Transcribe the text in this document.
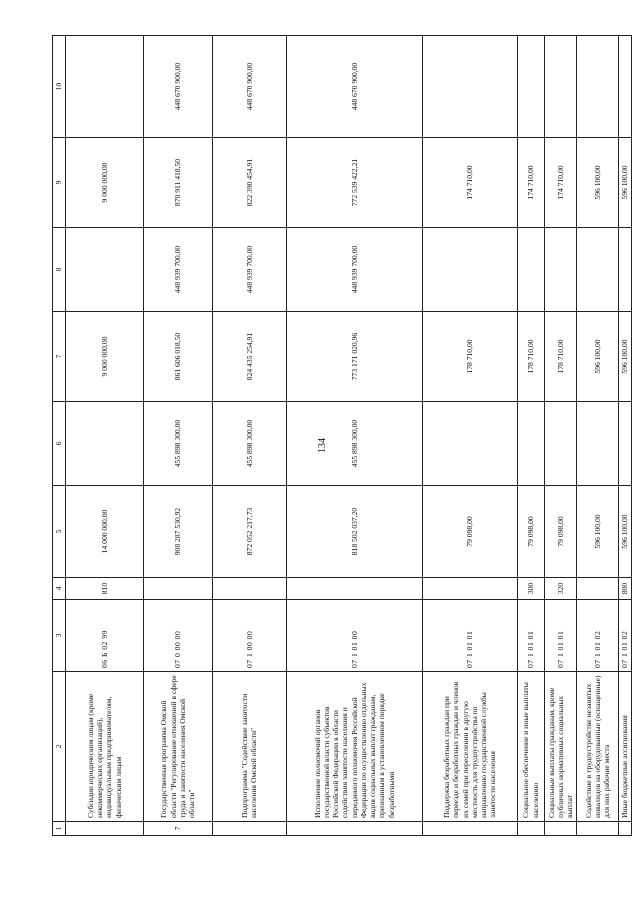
134
1	2	3	4	5	6	7	8	9	10
	Субсидии юридическим лицам (кроме некоммерческих организаций), индивидуальным предпринимателям, физическим лицам	06 Б 02 99	810	14 000 000,00		9 000 000,00		9 000 000,00	
7	Государственная программа Омской области "Регулирование отношений в сфере труда и занятости населения Омской области"	07 0 00 00		908 287 530,92	455 898 300,00	861 606 018,50	448 939 700,00	870 911 418,50	448 670 900,00
	Подпрограмма "Содействие занятости населения Омской области"	07 1 00 00		872 052 217,73	455 898 300,00	824 435 254,91	448 939 700,00	822 390 454,91	448 670 900,00
	Исполнение полномочий органов государственной власти субъектов Российской Федерации в области содействия занятости населения и переданного полномочия Российской Федерации по осуществлению отдельных видов социальных выплат гражданам, признанным в установленном порядке безработными	07 1 01 00		818 502 037,20	455 898 300,00	773 171 020,96	448 939 700,00	772 539 422,21	448 670 900,00
	Поддержка безработных граждан при переезде и безработных граждан и членов их семей при переселении в другую местность для трудоустройства по направлению государственной службы занятости населения	07 1 01 01		79 098,00		178 710,00		174 710,00	
	Социальное обеспечение и иные выплаты населению	07 1 01 01	300	79 098,00		178 710,00		174 710,00	
	Социальные выплаты гражданам, кроме публичных нормативных социальных выплат	07 1 01 01	320	79 098,00		178 710,00		174 710,00	
	Содействие в трудоустройстве незанятых инвалидов на оборудованные (оснащенные) для них рабочие места	07 1 01 02		596 100,00		596 100,00		596 100,00	
	Иные бюджетные ассигнования	07 1 01 02	800	596 100,00		596 100,00		596 100,00	
